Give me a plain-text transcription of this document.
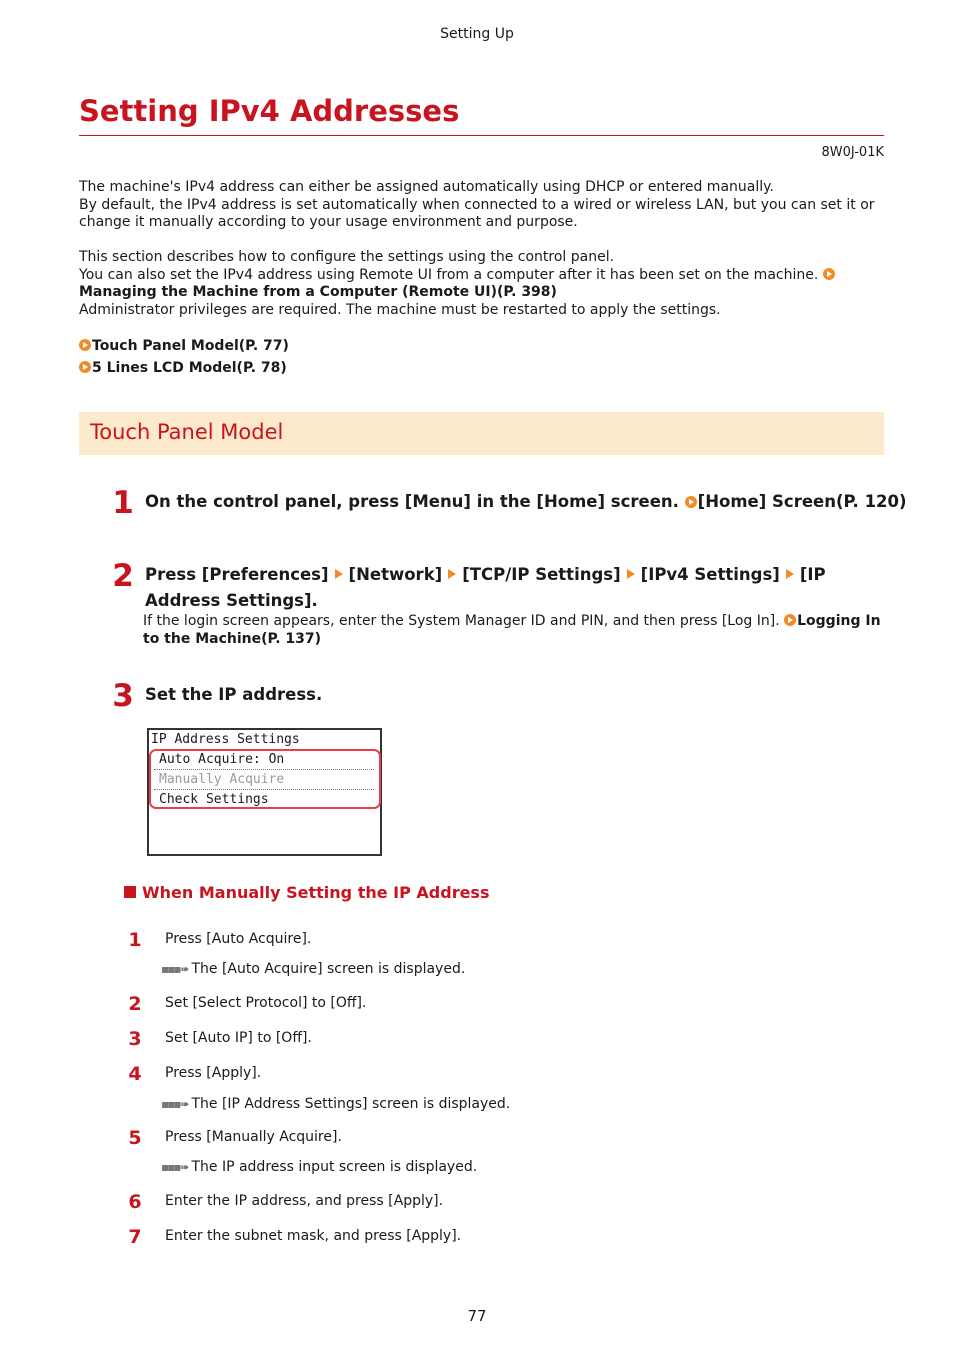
Setting Up
Setting IPv4 Addresses
8W0J-01K

The machine's IPv4 address can either be assigned automatically using DHCP or entered manually.

By default, the IPv4 address is set automatically when connected to a wired or wireless LAN, but you can set it or change it manually according to your usage environment and purpose.

This section describes how to configure the settings using the control panel.

You can also set the IPv4 address using Remote UI from a computer after it has been set on the machine. Managing the Machine from a Computer (Remote UI)(P. 398)

Administrator privileges are required. The machine must be restarted to apply the settings.

Touch Panel Model(P. 77)
5 Lines LCD Model(P. 78)
Touch Panel Model
1 On the control panel, press [Menu] in the [Home] screen. [Home] Screen(P. 120)
2 Press [Preferences] [Network] [TCP/IP Settings] [IPv4 Settings] [IP Address Settings].
If the login screen appears, enter the System Manager ID and PIN, and then press [Log In]. Logging In to the Machine(P. 137)
3 Set the IP address.
IP Address Settings
Auto Acquire: On
Manually Acquire
Check Settings
When Manually Setting the IP Address
1	Press [Auto Acquire].
▪▪▪➠ The [Auto Acquire] screen is displayed.
2	Set [Select Protocol] to [Off].
3	Set [Auto IP] to [Off].
4	Press [Apply].
▪▪▪➠ The [IP Address Settings] screen is displayed.
5	Press [Manually Acquire].
▪▪▪➠ The IP address input screen is displayed.
6	Enter the IP address, and press [Apply].
7	Enter the subnet mask, and press [Apply].
77
